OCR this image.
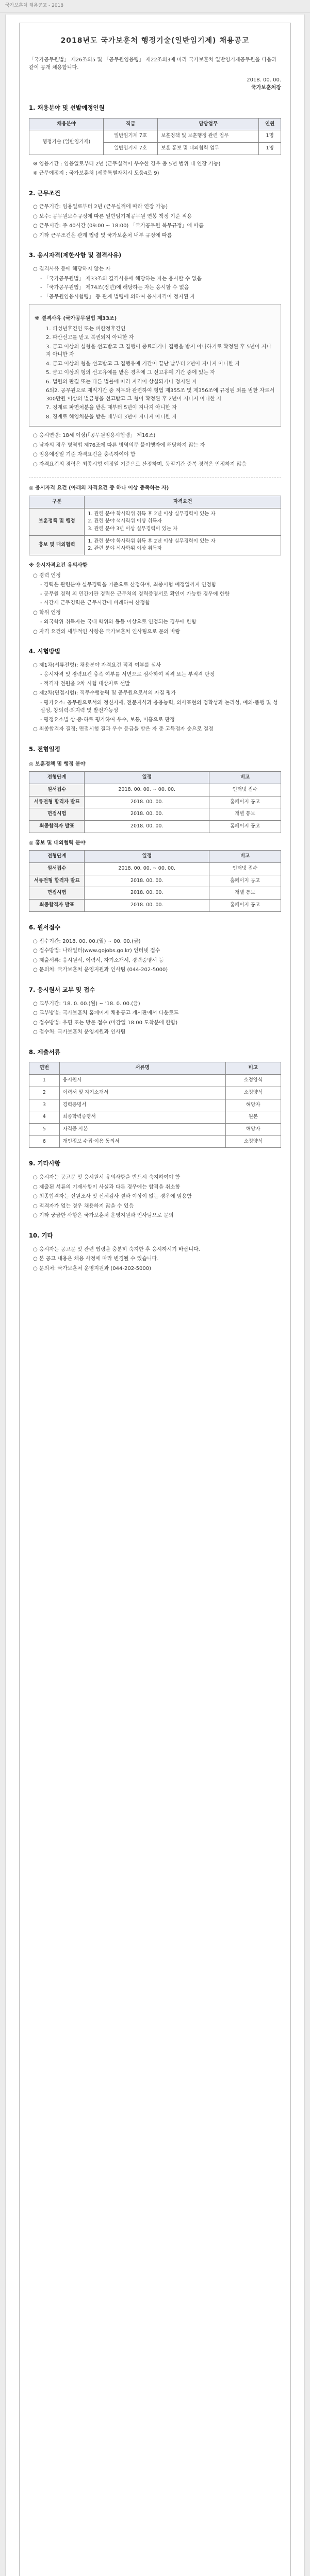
국가보훈처 채용공고 - 2018
2018년도 국가보훈처 행정기술(일반임기제) 채용공고

「국가공무원법」 제26조의5 및 「공무원임용령」 제22조의3에 따라 국가보훈처 일반임기제공무원을 다음과 같이 공개 채용합니다.

2018. 00. 00.

국가보훈처장

1. 채용분야 및 선발예정인원
채용분야	직급	담당업무	인원
행정기술 (일반임기제)	일반임기제 7호	보훈정책 및 보훈행정 관련 업무	1명
	일반임기제 7호	보훈 홍보 및 대외협력 업무	1명
※ 임용기간 : 임용일로부터 2년 (근무실적이 우수한 경우 총 5년 범위 내 연장 가능)
※ 근무예정지 : 국가보훈처 (세종특별자치시 도움4로 9)
2. 근무조건
○ 근무기간: 임용일로부터 2년 (근무실적에 따라 연장 가능)
○ 보수: 공무원보수규정에 따른 일반임기제공무원 연봉 책정 기준 적용
○ 근무시간: 주 40시간 (09:00 ~ 18:00) 「국가공무원 복무규정」에 따름
○ 기타 근무조건은 관계 법령 및 국가보훈처 내부 규정에 따름
3. 응시자격(제한사항 및 결격사유)
○ 결격사유 등에 해당하지 않는 자
- 「국가공무원법」 제33조의 결격사유에 해당하는 자는 응시할 수 없음
- 「국가공무원법」 제74조(정년)에 해당하는 자는 응시할 수 없음
- 「공무원임용시험령」 등 관계 법령에 의하여 응시자격이 정지된 자
※ 결격사유 (국가공무원법 제33조)
1. 피성년후견인 또는 피한정후견인
2. 파산선고를 받고 복권되지 아니한 자
3. 금고 이상의 실형을 선고받고 그 집행이 종료되거나 집행을 받지 아니하기로 확정된 후 5년이 지나지 아니한 자
4. 금고 이상의 형을 선고받고 그 집행유예 기간이 끝난 날부터 2년이 지나지 아니한 자
5. 금고 이상의 형의 선고유예를 받은 경우에 그 선고유예 기간 중에 있는 자
6. 법원의 판결 또는 다른 법률에 따라 자격이 상실되거나 정지된 자
6의2. 공무원으로 재직기간 중 직무와 관련하여 형법 제355조 및 제356조에 규정된 죄를 범한 자로서 300만원 이상의 벌금형을 선고받고 그 형이 확정된 후 2년이 지나지 아니한 자
7. 징계로 파면처분을 받은 때부터 5년이 지나지 아니한 자
8. 징계로 해임처분을 받은 때부터 3년이 지나지 아니한 자
○ 응시연령: 18세 이상(「공무원임용시험령」 제16조)
○ 남자의 경우 병역법 제76조에 따른 병역의무 불이행자에 해당하지 않는 자
○ 임용예정일 기준 자격요건을 충족하여야 함
○ 자격요건의 경력은 최종시험 예정일 기준으로 산정하며, 동일기간 중복 경력은 인정하지 않음
◎ 응시자격 요건 (아래의 자격요건 중 하나 이상 충족하는 자)
구분	자격요건
보훈정책 및 행정	1. 관련 분야 학사학위 취득 후 2년 이상 실무경력이 있는 자
2. 관련 분야 석사학위 이상 취득자
3. 관련 분야 3년 이상 실무경력이 있는 자
홍보 및 대외협력	1. 관련 분야 학사학위 취득 후 2년 이상 실무경력이 있는 자
2. 관련 분야 석사학위 이상 취득자
※ 응시자격요건 유의사항
○ 경력 인정
- 경력은 관련분야 실무경력을 기준으로 산정하며, 최종시험 예정일까지 인정함
- 공무원 경력 외 민간기관 경력은 근무처의 경력증명서로 확인이 가능한 경우에 한함
- 시간제 근무경력은 근무시간에 비례하여 산정함
○ 학위 인정
- 외국학위 취득자는 국내 학위와 동등 이상으로 인정되는 경우에 한함
○ 자격 요건의 세부적인 사항은 국가보훈처 인사팀으로 문의 바람
4. 시험방법
○ 제1차(서류전형): 채용분야 자격요건 적격 여부를 심사
- 응시자격 및 경력요건 충족 여부를 서면으로 심사하여 적격 또는 부적격 판정
- 적격자 전원을 2차 시험 대상자로 선발
○ 제2차(면접시험): 직무수행능력 및 공무원으로서의 자질 평가
- 평가요소: 공무원으로서의 정신자세, 전문지식과 응용능력, 의사표현의 정확성과 논리성, 예의·품행 및 성실성, 창의력·의지력 및 발전가능성
- 평정요소별 상·중·하로 평가하여 우수, 보통, 미흡으로 판정
○ 최종합격자 결정: 면접시험 결과 우수 등급을 받은 자 중 고득점자 순으로 결정
5. 전형일정
◎ 보훈정책 및 행정 분야
전형단계	일정	비고
원서접수	2018. 00. 00. ~ 00. 00.	인터넷 접수
서류전형 합격자 발표	2018. 00. 00.	홈페이지 공고
면접시험	2018. 00. 00.	개별 통보
최종합격자 발표	2018. 00. 00.	홈페이지 공고
◎ 홍보 및 대외협력 분야
전형단계	일정	비고
원서접수	2018. 00. 00. ~ 00. 00.	인터넷 접수
서류전형 합격자 발표	2018. 00. 00.	홈페이지 공고
면접시험	2018. 00. 00.	개별 통보
최종합격자 발표	2018. 00. 00.	홈페이지 공고
6. 원서접수
○ 접수기간: 2018. 00. 00.(월) ~ 00. 00.(금)
○ 접수방법: 나라일터(www.gojobs.go.kr) 인터넷 접수
○ 제출서류: 응시원서, 이력서, 자기소개서, 경력증명서 등
○ 문의처: 국가보훈처 운영지원과 인사팀 (044-202-5000)
7. 응시원서 교부 및 접수
○ 교부기간: '18. 0. 00.(월) ~ '18. 0. 00.(금)
○ 교부방법: 국가보훈처 홈페이지 채용공고 게시판에서 다운로드
○ 접수방법: 우편 또는 방문 접수 (마감일 18:00 도착분에 한함)
○ 접수처: 국가보훈처 운영지원과 인사팀
8. 제출서류
연번	서류명	비고
1	응시원서	소정양식
2	이력서 및 자기소개서	소정양식
3	경력증명서	해당자
4	최종학력증명서	원본
5	자격증 사본	해당자
6	개인정보 수집·이용 동의서	소정양식
9. 기타사항
○ 응시자는 공고문 및 응시원서 유의사항을 반드시 숙지하여야 함
○ 제출된 서류의 기재사항이 사실과 다른 경우에는 합격을 취소함
○ 최종합격자는 신원조사 및 신체검사 결과 이상이 없는 경우에 임용함
○ 적격자가 없는 경우 채용하지 않을 수 있음
○ 기타 궁금한 사항은 국가보훈처 운영지원과 인사팀으로 문의
10. 기타
○ 응시자는 공고문 및 관련 법령을 충분히 숙지한 후 응시하시기 바랍니다.
○ 본 공고 내용은 채용 사정에 따라 변경될 수 있습니다.
○ 문의처: 국가보훈처 운영지원과 (044-202-5000)
